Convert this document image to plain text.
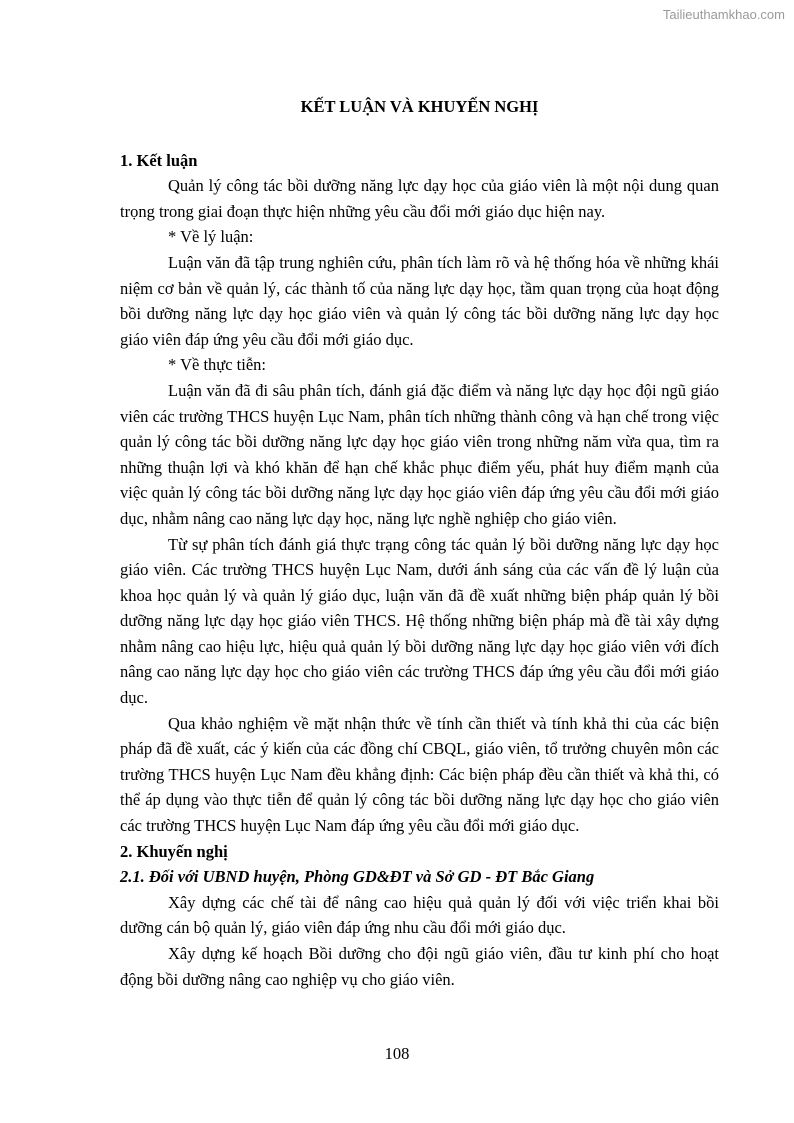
Tailieuthamkhao.com
KẾT LUẬN VÀ KHUYẾN NGHỊ
1. Kết luận

Quản lý công tác bồi dưỡng năng lực dạy học của giáo viên là một nội dung quan trọng trong giai đoạn thực hiện những yêu cầu đổi mới giáo dục hiện nay.

* Về lý luận:

Luận văn đã tập trung nghiên cứu, phân tích làm rõ và hệ thống hóa về những khái niệm cơ bản về quản lý, các thành tố của năng lực dạy học, tầm quan trọng của hoạt động bồi dưỡng năng lực dạy học giáo viên và quản lý công tác bồi dưỡng năng lực dạy học giáo viên đáp ứng yêu cầu đổi mới giáo dục.

* Về thực tiễn:

Luận văn đã đi sâu phân tích, đánh giá đặc điểm và năng lực dạy học đội ngũ giáo viên các trường THCS huyện Lục Nam, phân tích những thành công và hạn chế trong việc quản lý công tác bồi dưỡng năng lực dạy học giáo viên trong những năm vừa qua, tìm ra những thuận lợi và khó khăn để hạn chế khắc phục điểm yếu, phát huy điểm mạnh của việc quản lý công tác bồi dưỡng năng lực dạy học giáo viên đáp ứng yêu cầu đổi mới giáo dục, nhằm nâng cao năng lực dạy học, năng lực nghề nghiệp cho giáo viên.

Từ sự phân tích đánh giá thực trạng công tác quản lý bồi dưỡng năng lực dạy học giáo viên. Các trường THCS huyện Lục Nam, dưới ánh sáng của các vấn đề lý luận của khoa học quản lý và quản lý giáo dục, luận văn đã đề xuất những biện pháp quản lý bồi dưỡng năng lực dạy học giáo viên THCS. Hệ thống những biện pháp mà đề tài xây dựng nhằm nâng cao hiệu lực, hiệu quả quản lý bồi dưỡng năng lực dạy học giáo viên với đích nâng cao năng lực dạy học cho giáo viên các trường THCS đáp ứng yêu cầu đổi mới giáo dục.

Qua khảo nghiệm về mặt nhận thức về tính cần thiết và tính khả thi của các biện pháp đã đề xuất, các ý kiến của các đồng chí CBQL, giáo viên, tổ trưởng chuyên môn các trường THCS huyện Lục Nam đều khẳng định: Các biện pháp đều cần thiết và khả thi, có thể áp dụng vào thực tiễn để quản lý công tác bồi dưỡng năng lực dạy học cho giáo viên các trường THCS huyện Lục Nam đáp ứng yêu cầu đổi mới giáo dục.

2. Khuyến nghị
2.1. Đối với UBND huyện, Phòng GD&ĐT và Sở GD - ĐT Bắc Giang

Xây dựng các chế tài để nâng cao hiệu quả quản lý đối với việc triển khai bồi dưỡng cán bộ quản lý, giáo viên đáp ứng nhu cầu đổi mới giáo dục.

Xây dựng kế hoạch Bồi dưỡng cho đội ngũ giáo viên, đầu tư kinh phí cho hoạt động bồi dưỡng nâng cao nghiệp vụ cho giáo viên.

108
